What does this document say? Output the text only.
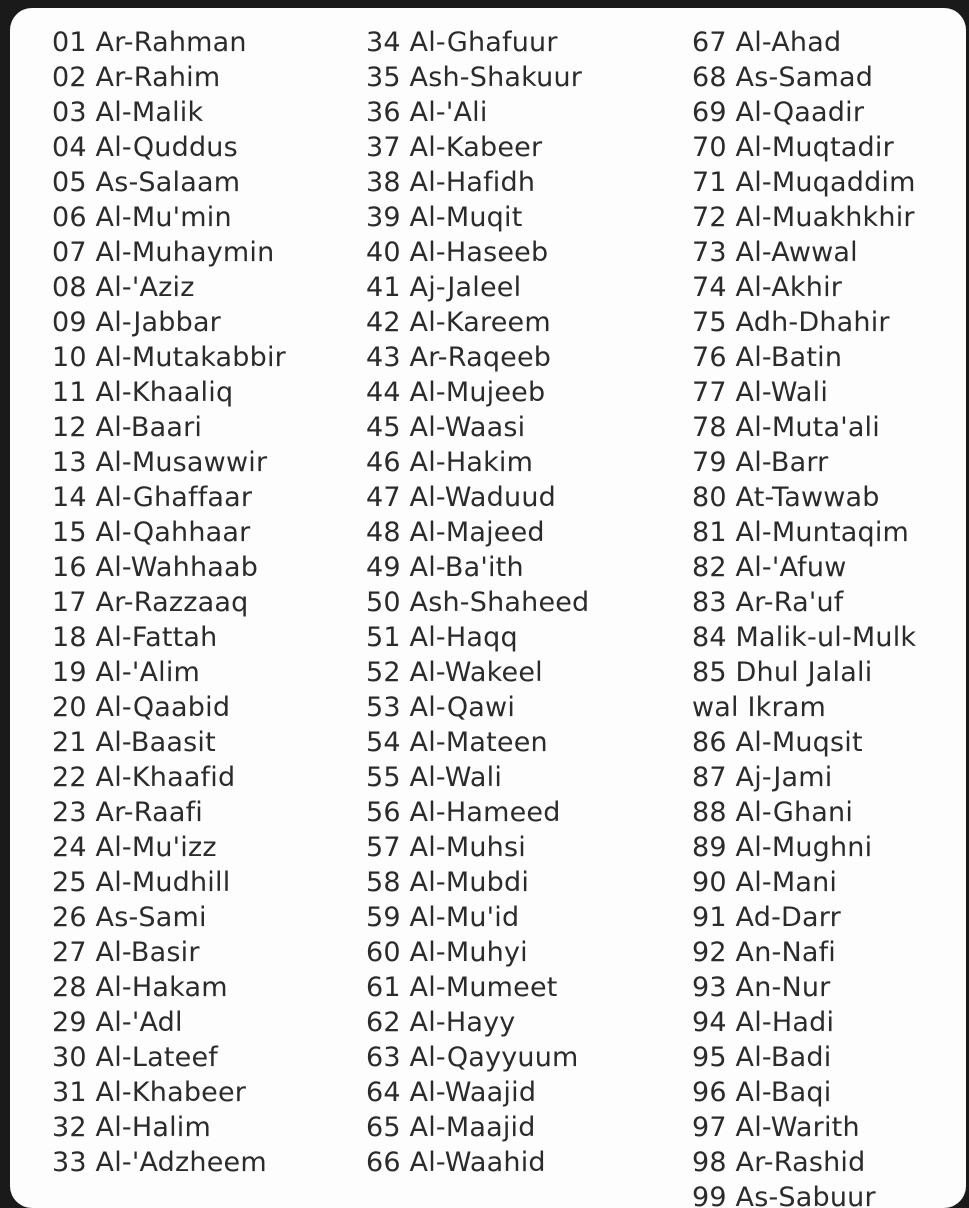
01 Ar-Rahman
02 Ar-Rahim
03 Al-Malik
04 Al-Quddus
05 As-Salaam
06 Al-Mu'min
07 Al-Muhaymin
08 Al-'Aziz
09 Al-Jabbar
10 Al-Mutakabbir
11 Al-Khaaliq
12 Al-Baari
13 Al-Musawwir
14 Al-Ghaffaar
15 Al-Qahhaar
16 Al-Wahhaab
17 Ar-Razzaaq
18 Al-Fattah
19 Al-'Alim
20 Al-Qaabid
21 Al-Baasit
22 Al-Khaafid
23 Ar-Raafi
24 Al-Mu'izz
25 Al-Mudhill
26 As-Sami
27 Al-Basir
28 Al-Hakam
29 Al-'Adl
30 Al-Lateef
31 Al-Khabeer
32 Al-Halim
33 Al-'Adzheem
34 Al-Ghafuur
35 Ash-Shakuur
36 Al-'Ali
37 Al-Kabeer
38 Al-Hafidh
39 Al-Muqit
40 Al-Haseeb
41 Aj-Jaleel
42 Al-Kareem
43 Ar-Raqeeb
44 Al-Mujeeb
45 Al-Waasi
46 Al-Hakim
47 Al-Waduud
48 Al-Majeed
49 Al-Ba'ith
50 Ash-Shaheed
51 Al-Haqq
52 Al-Wakeel
53 Al-Qawi
54 Al-Mateen
55 Al-Wali
56 Al-Hameed
57 Al-Muhsi
58 Al-Mubdi
59 Al-Mu'id
60 Al-Muhyi
61 Al-Mumeet
62 Al-Hayy
63 Al-Qayyuum
64 Al-Waajid
65 Al-Maajid
66 Al-Waahid
67 Al-Ahad
68 As-Samad
69 Al-Qaadir
70 Al-Muqtadir
71 Al-Muqaddim
72 Al-Muakhkhir
73 Al-Awwal
74 Al-Akhir
75 Adh-Dhahir
76 Al-Batin
77 Al-Wali
78 Al-Muta'ali
79 Al-Barr
80 At-Tawwab
81 Al-Muntaqim
82 Al-'Afuw
83 Ar-Ra'uf
84 Malik-ul-Mulk
85 Dhul Jalali
wal Ikram
86 Al-Muqsit
87 Aj-Jami
88 Al-Ghani
89 Al-Mughni
90 Al-Mani
91 Ad-Darr
92 An-Nafi
93 An-Nur
94 Al-Hadi
95 Al-Badi
96 Al-Baqi
97 Al-Warith
98 Ar-Rashid
99 As-Sabuur
